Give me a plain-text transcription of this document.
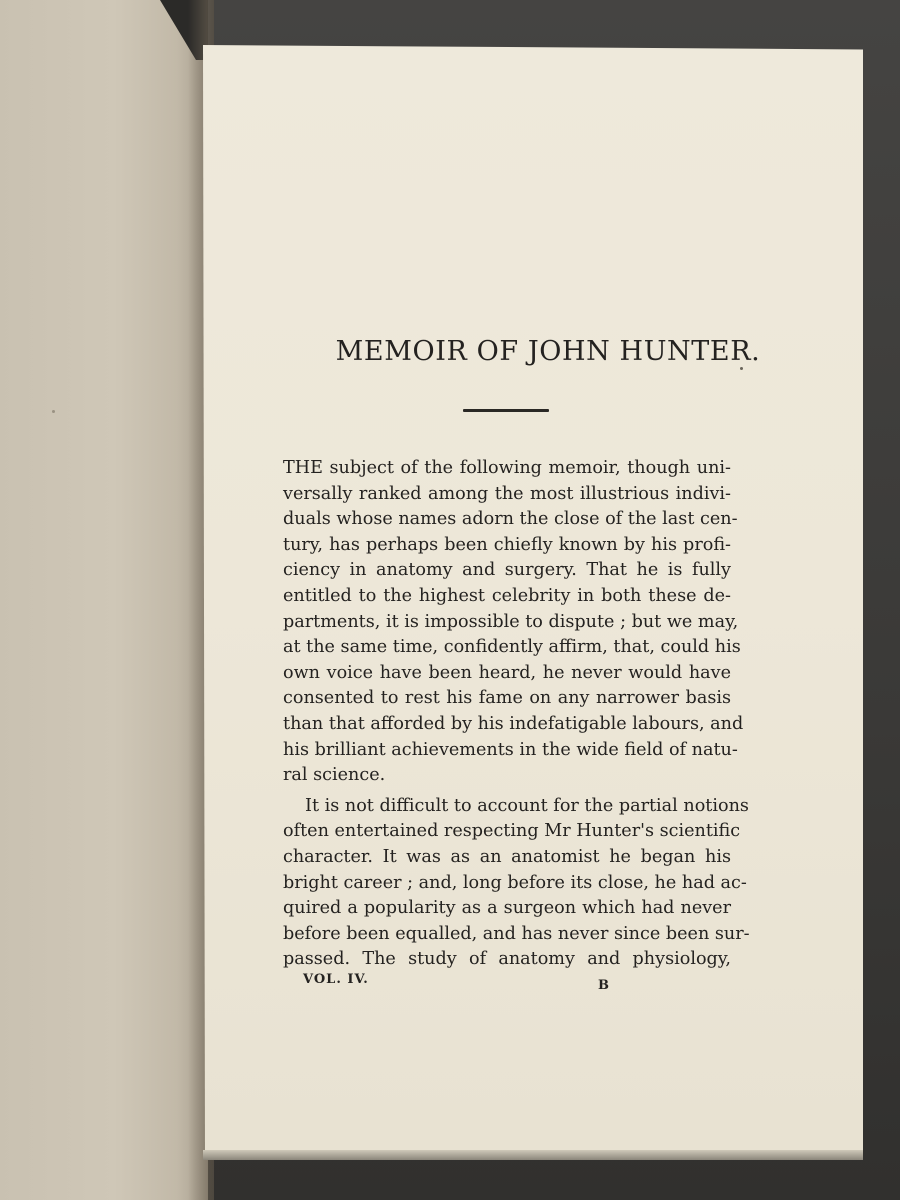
MEMOIR OF JOHN HUNTER.
THE subject of the following memoir, though uni-
versally ranked among the most illustrious indivi-
duals whose names adorn the close of the last cen-
tury, has perhaps been chiefly known by his profi-
ciency in anatomy and surgery. That he is fully
entitled to the highest celebrity in both these de-
partments, it is impossible to dispute ; but we may,
at the same time, confidently affirm, that, could his
own voice have been heard, he never would have
consented to rest his fame on any narrower basis
than that afforded by his indefatigable labours, and
his brilliant achievements in the wide field of natu-
ral science.
It is not difficult to account for the partial notions
often entertained respecting Mr Hunter's scientific
character. It was as an anatomist he began his
bright career ; and, long before its close, he had ac-
quired a popularity as a surgeon which had never
before been equalled, and has never since been sur-
passed. The study of anatomy and physiology,
VOL. IV.	B
